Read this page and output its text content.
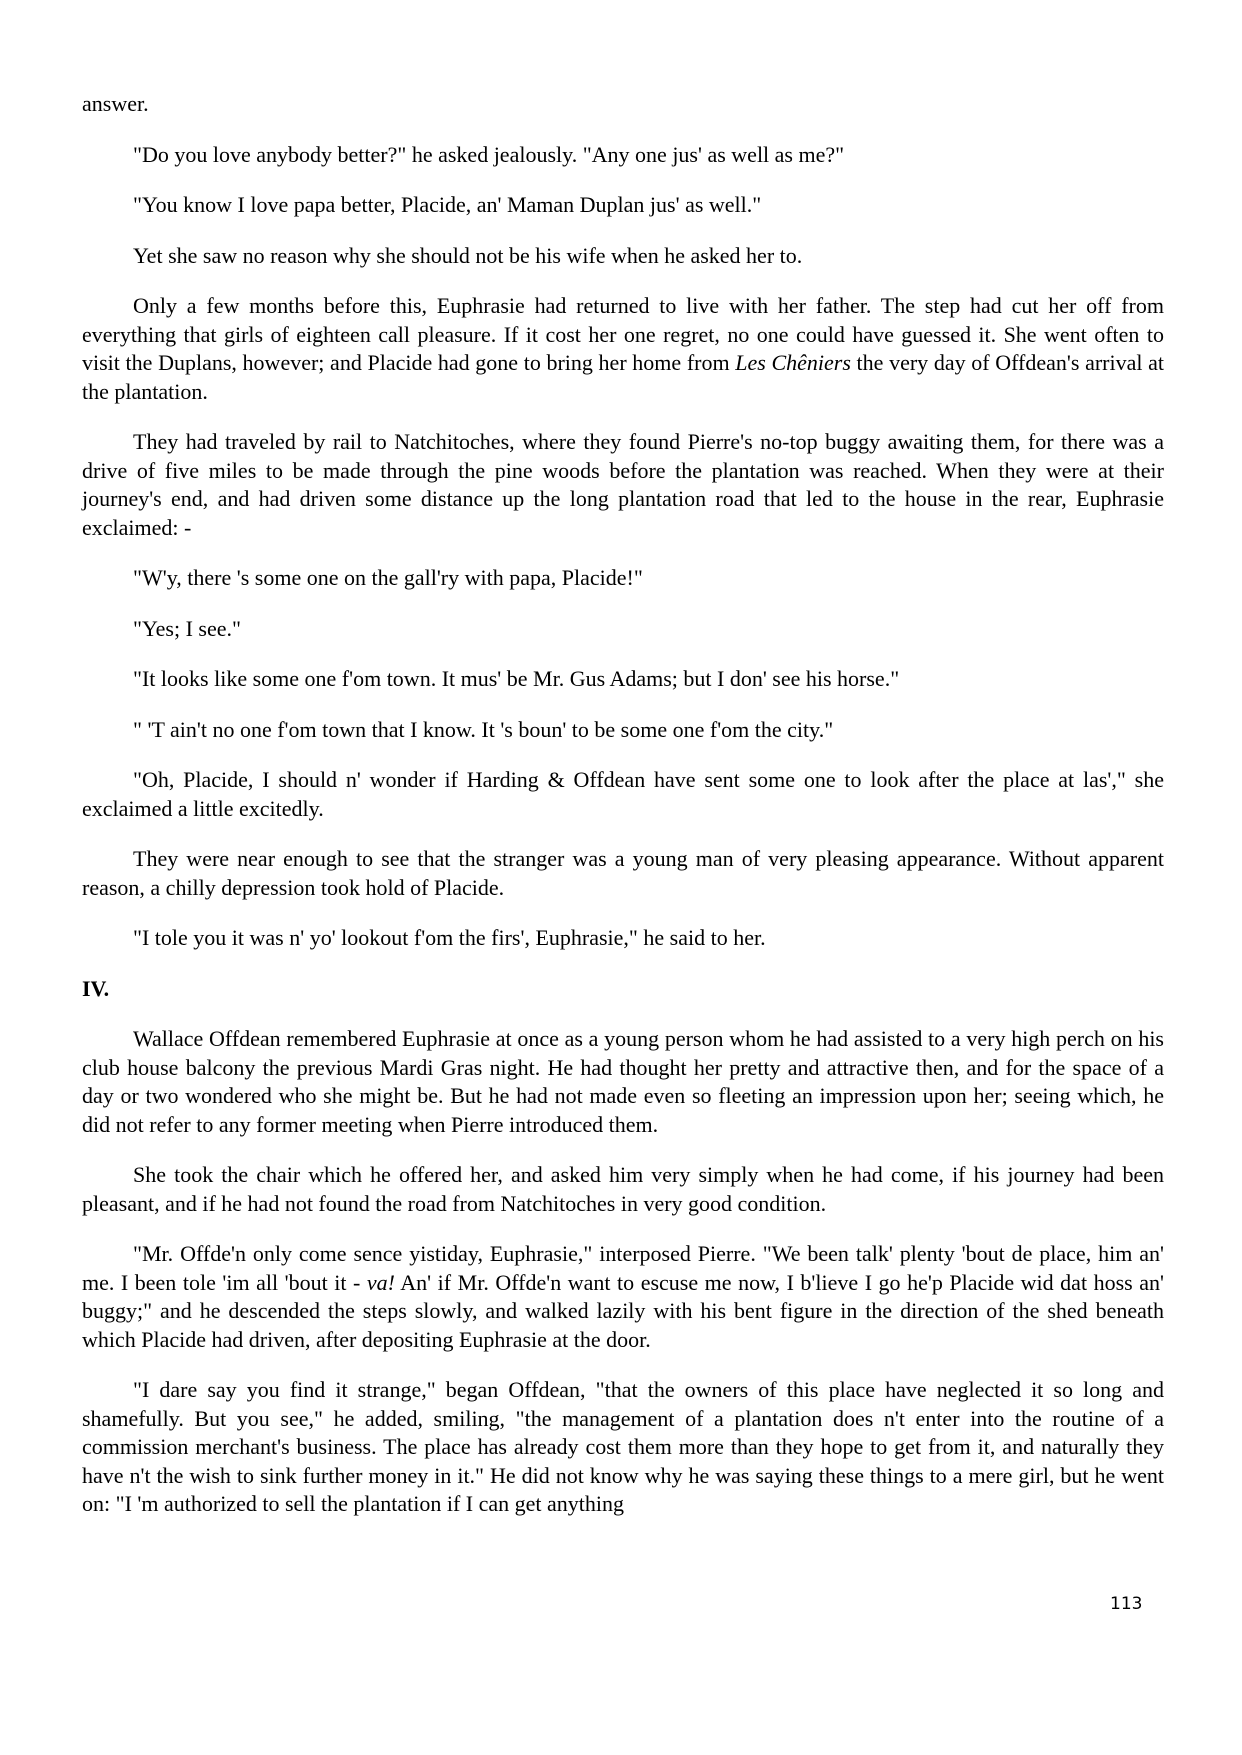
answer.

"Do you love anybody better?" he asked jealously. "Any one jus' as well as me?"

"You know I love papa better, Placide, an' Maman Duplan jus' as well."

Yet she saw no reason why she should not be his wife when he asked her to.

Only a few months before this, Euphrasie had returned to live with her father. The step had cut her off from everything that girls of eighteen call pleasure. If it cost her one regret, no one could have guessed it. She went often to visit the Duplans, however; and Placide had gone to bring her home from Les Chêniers the very day of Offdean's arrival at the plantation.

They had traveled by rail to Natchitoches, where they found Pierre's no-top buggy awaiting them, for there was a drive of five miles to be made through the pine woods before the plantation was reached. When they were at their journey's end, and had driven some distance up the long plantation road that led to the house in the rear, Euphrasie exclaimed: -

"W'y, there 's some one on the gall'ry with papa, Placide!"

"Yes; I see."

"It looks like some one f'om town. It mus' be Mr. Gus Adams; but I don' see his horse."

" 'T ain't no one f'om town that I know. It 's boun' to be some one f'om the city."

"Oh, Placide, I should n' wonder if Harding & Offdean have sent some one to look after the place at las'," she exclaimed a little excitedly.

They were near enough to see that the stranger was a young man of very pleasing appearance. Without apparent reason, a chilly depression took hold of Placide.

"I tole you it was n' yo' lookout f'om the firs', Euphrasie," he said to her.

IV.

Wallace Offdean remembered Euphrasie at once as a young person whom he had assisted to a very high perch on his club house balcony the previous Mardi Gras night. He had thought her pretty and attractive then, and for the space of a day or two wondered who she might be. But he had not made even so fleeting an impression upon her; seeing which, he did not refer to any former meeting when Pierre introduced them.

She took the chair which he offered her, and asked him very simply when he had come, if his journey had been pleasant, and if he had not found the road from Natchitoches in very good condition.

"Mr. Offde'n only come sence yistiday, Euphrasie," interposed Pierre. "We been talk' plenty 'bout de place, him an' me. I been tole 'im all 'bout it - va! An' if Mr. Offde'n want to escuse me now, I b'lieve I go he'p Placide wid dat hoss an' buggy;" and he descended the steps slowly, and walked lazily with his bent figure in the direction of the shed beneath which Placide had driven, after depositing Euphrasie at the door.

"I dare say you find it strange," began Offdean, "that the owners of this place have neglected it so long and shamefully. But you see," he added, smiling, "the management of a plantation does n't enter into the routine of a commission merchant's business. The place has already cost them more than they hope to get from it, and naturally they have n't the wish to sink further money in it." He did not know why he was saying these things to a mere girl, but he went on: "I 'm authorized to sell the plantation if I can get anything

113
